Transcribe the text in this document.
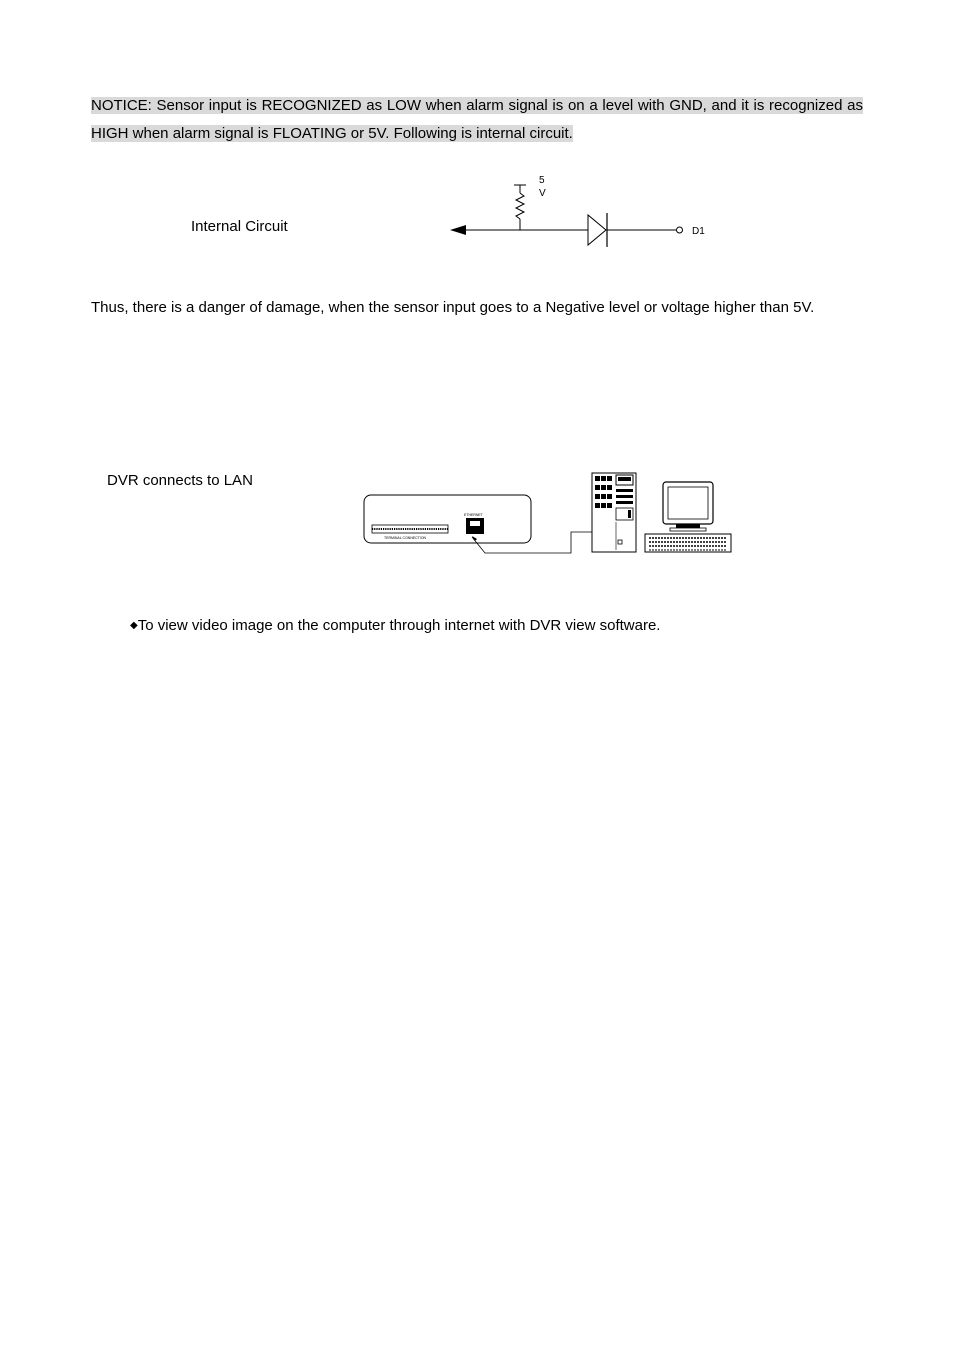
NOTICE: Sensor input is RECOGNIZED as LOW when alarm signal is on a level with GND, and it is recognized as HIGH when alarm signal is FLOATING or 5V. Following is internal circuit.
Internal Circuit
5
V
D1
Thus, there is a danger of damage, when the sensor input goes to a Negative level or voltage higher than 5V.
DVR connects to LAN
TERMINAL CONNECTION
ETHERNET
◆To view video image on the computer through internet with DVR view software.
